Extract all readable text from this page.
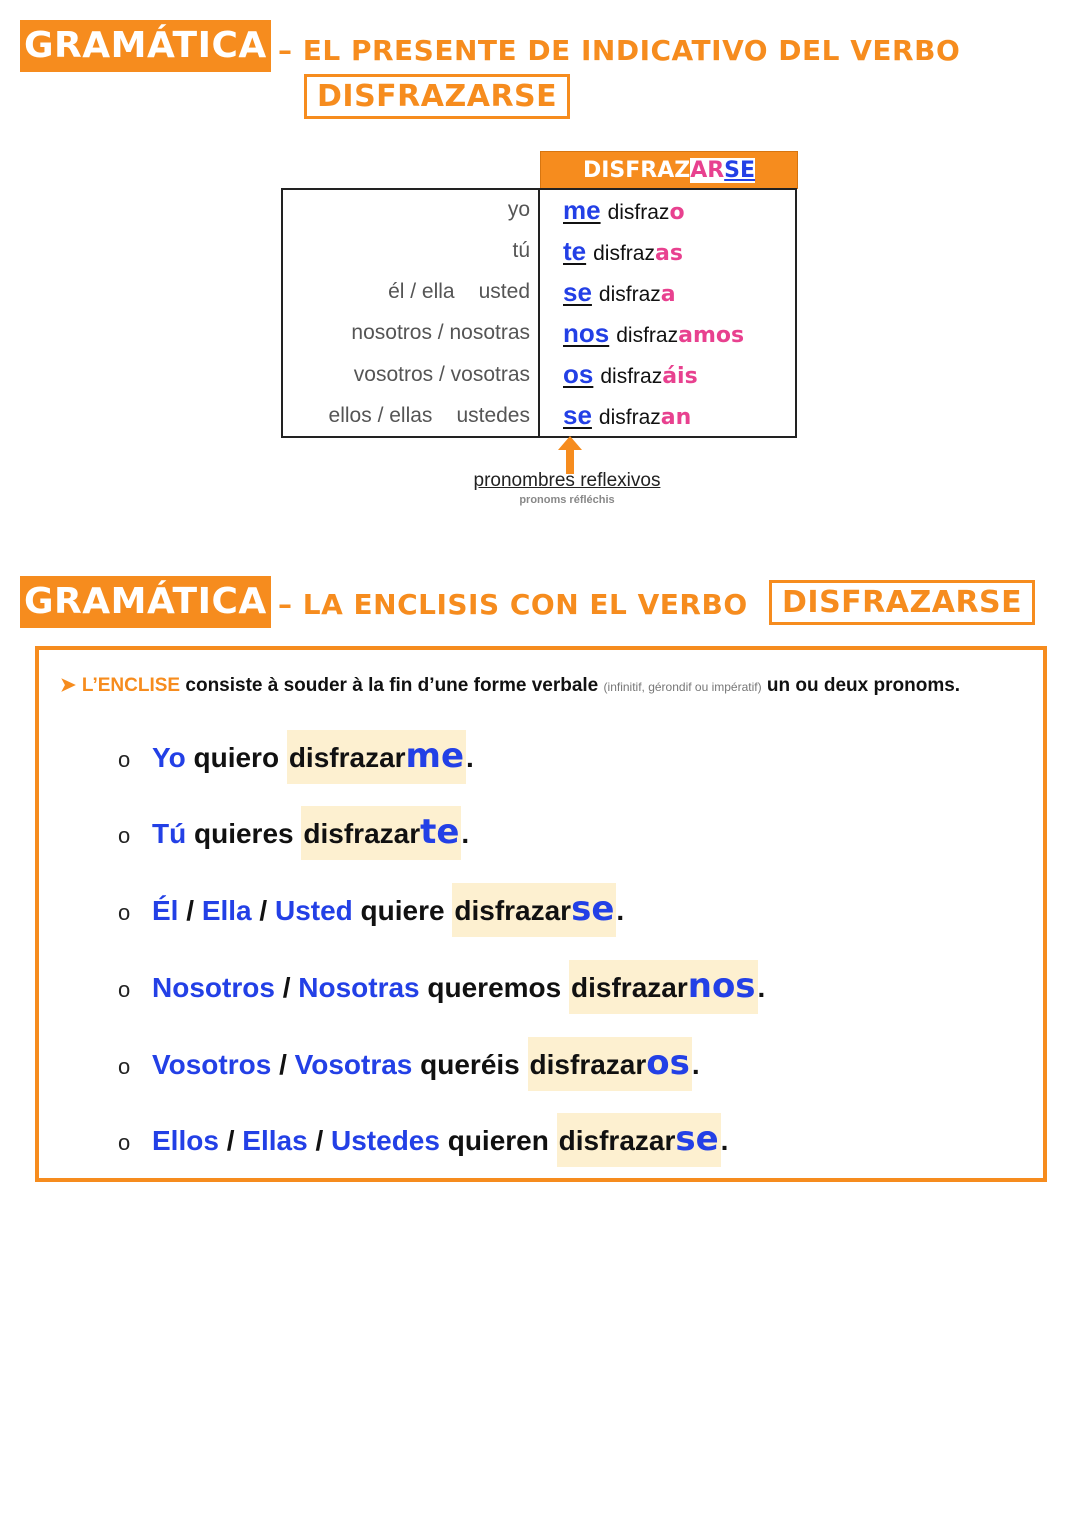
GRAMÁTICA – EL PRESENTE DE INDICATIVO DEL VERBO
DISFRAZARSE
DISFRAZARSE
yo
tú
él / ella usted
nosotros / nosotras
vosotros / vosotras
ellos / ellas ustedes
me disfrazo
te disfrazas
se disfraza
nos disfrazamos
os disfrazáis
se disfrazan
pronombres reflexivos
pronoms réfléchis
GRAMÁTICA – LA ENCLISIS CON EL VERBO	DISFRAZARSE
➤ L’ENCLISE consiste à souder à la fin d’une forme verbale (infinitif, gérondif ou impératif) un ou deux pronoms.
o Yo quiero disfrazarme.
o Tú quieres disfrazarte.
o Él / Ella / Usted quiere disfrazarse.
o Nosotros / Nosotras queremos disfrazarnos.
o Vosotros / Vosotras queréis disfrazaros.
o Ellos / Ellas / Ustedes quieren disfrazarse.
